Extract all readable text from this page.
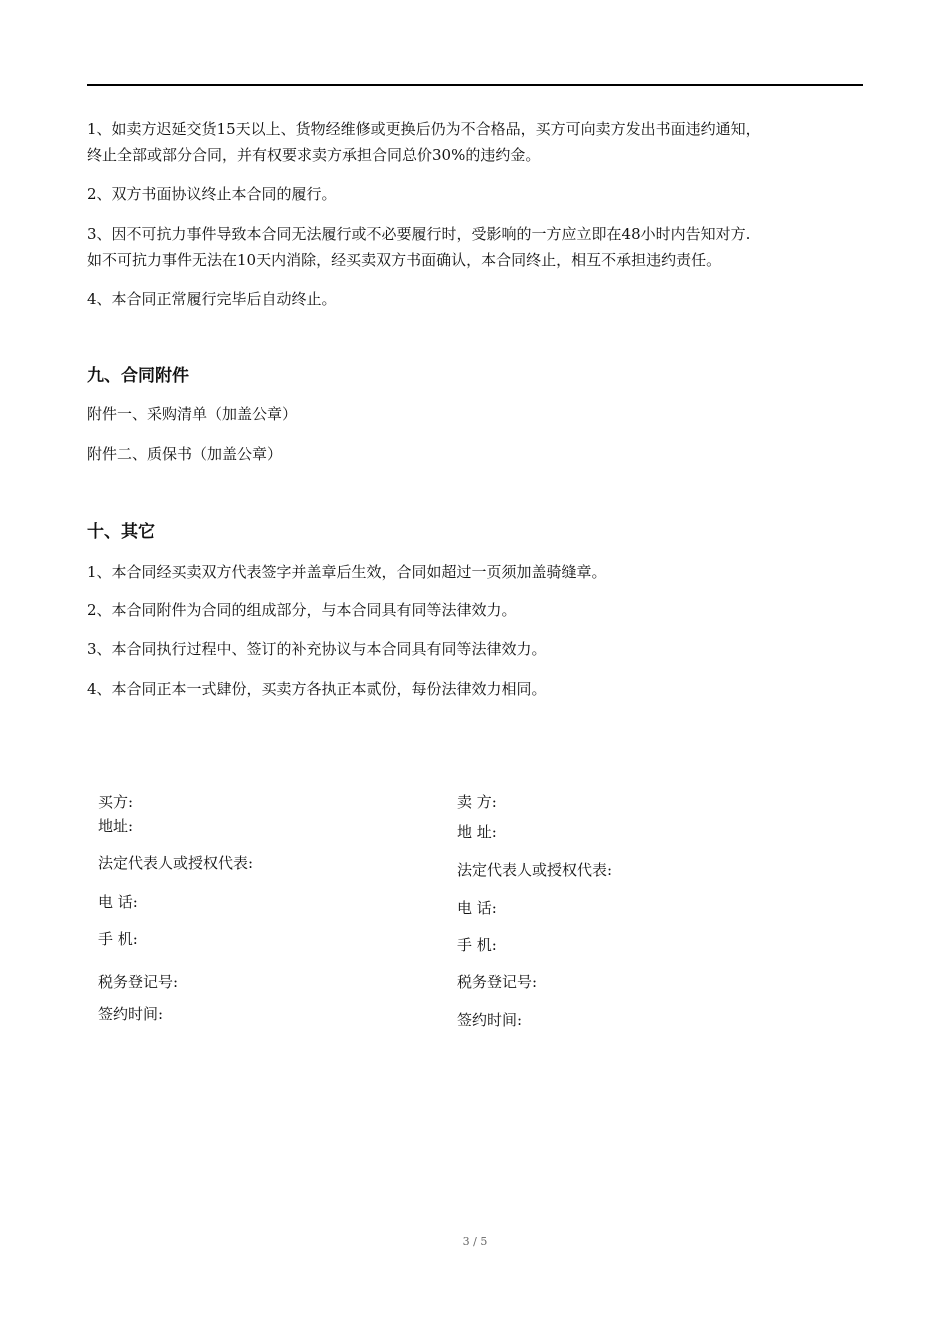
1、如卖方迟延交货15天以上、货物经维修或更换后仍为不合格品，买方可向卖方发出书面违约通知，
终止全部或部分合同，并有权要求卖方承担合同总价30%的违约金。
2、双方书面协议终止本合同的履行。
3、因不可抗力事件导致本合同无法履行或不必要履行时，受影响的一方应立即在48小时内告知对方.
如不可抗力事件无法在10天内消除，经买卖双方书面确认，本合同终止，相互不承担违约责任。
4、本合同正常履行完毕后自动终止。
九、合同附件
附件一、采购清单（加盖公章）
附件二、质保书（加盖公章）
十、其它
1、本合同经买卖双方代表签字并盖章后生效，合同如超过一页须加盖骑缝章。
2、本合同附件为合同的组成部分，与本合同具有同等法律效力。
3、本合同执行过程中、签订的补充协议与本合同具有同等法律效力。
4、本合同正本一式肆份，买卖方各执正本贰份，每份法律效力相同。
买方:
地址:
法定代表人或授权代表:
电 话:
手 机:
税务登记号:
签约时间:
卖 方:
地 址:
法定代表人或授权代表:
电 话:
手 机:
税务登记号:
签约时间:
3 / 5
